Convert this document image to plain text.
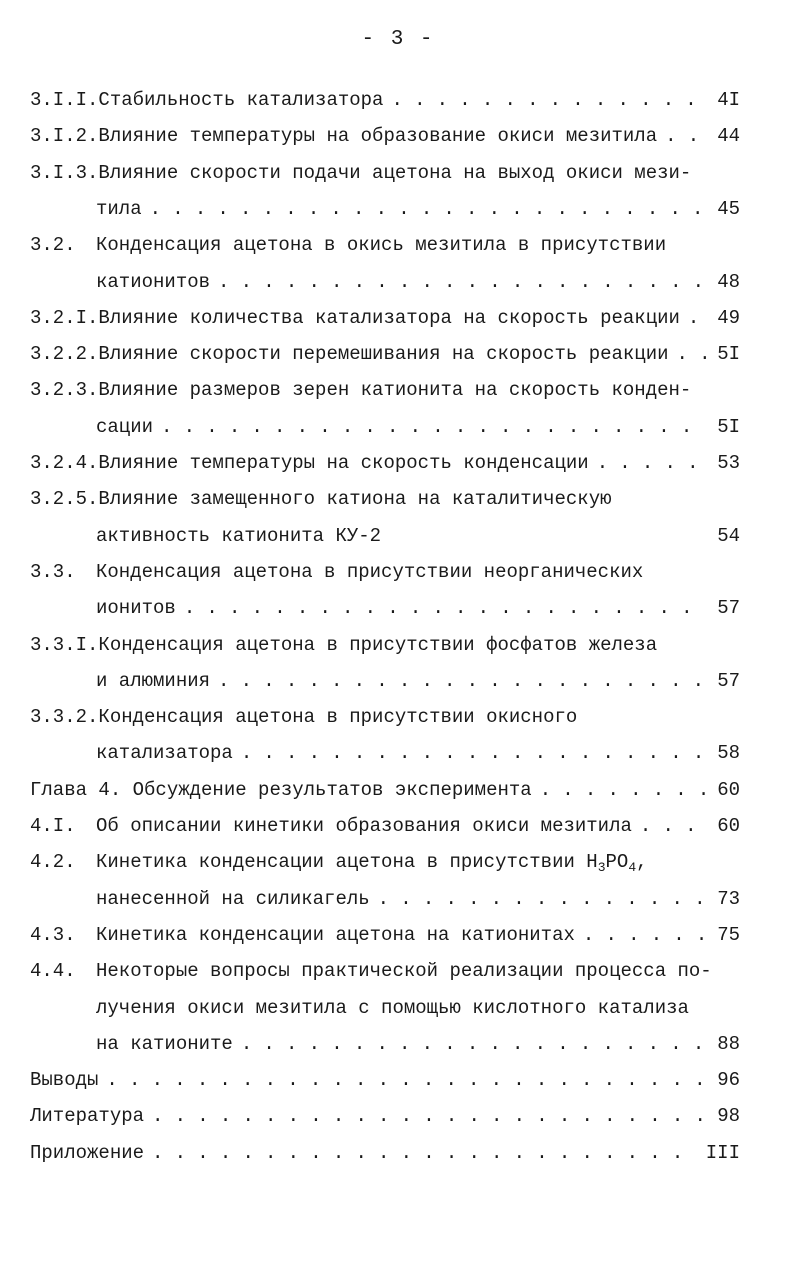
- 3 -
3.I.I.Стабильность катализатора	4I
..............
3.I.2.Влияние температуры на образование окиси мезитила	44
..
3.I.3.Влияние скорости подачи ацетона на выход окиси мези-
тила	45
.........................
3.2. Конденсация ацетона в окись мезитила в присутствии
катионитов	48
......................
3.2.I.Влияние количества катализатора на скорость реакции 49
.
3.2.2.Влияние скорости перемешивания на скорость реакции	5I
..
3.2.3.Влияние размеров зерен катионита на скорость конден-
сации	5I
........................
3.2.4.Влияние температуры на скорость конденсации	53
.....
3.2.5.Влияние замещенного катиона на каталитическую
активность катионита КУ-2	54
3.3. Конденсация ацетона в присутствии неорганических
ионитов	57
.......................
3.3.I.Конденсация ацетона в присутствии фосфатов железа
и алюминия	57
......................
3.3.2.Конденсация ацетона в присутствии окисного
катализатора	58
.....................
Глава 4. Обсуждение результатов эксперимента	60
........
4.I. Об описании кинетики образования окиси мезитила	60
...
4.2. Кинетика конденсации ацетона в присутствии $H_3PO_4$,
нанесенной на силикагель	73
...............
4.3. Кинетика конденсации ацетона на катионитах	75
......
4.4. Некоторые вопросы практической реализации процесса по-
лучения окиси мезитила с помощью кислотного катализа
на катионите	88
.....................
Выводы	96
...........................
Литература	98
.........................
Приложение	III
........................
